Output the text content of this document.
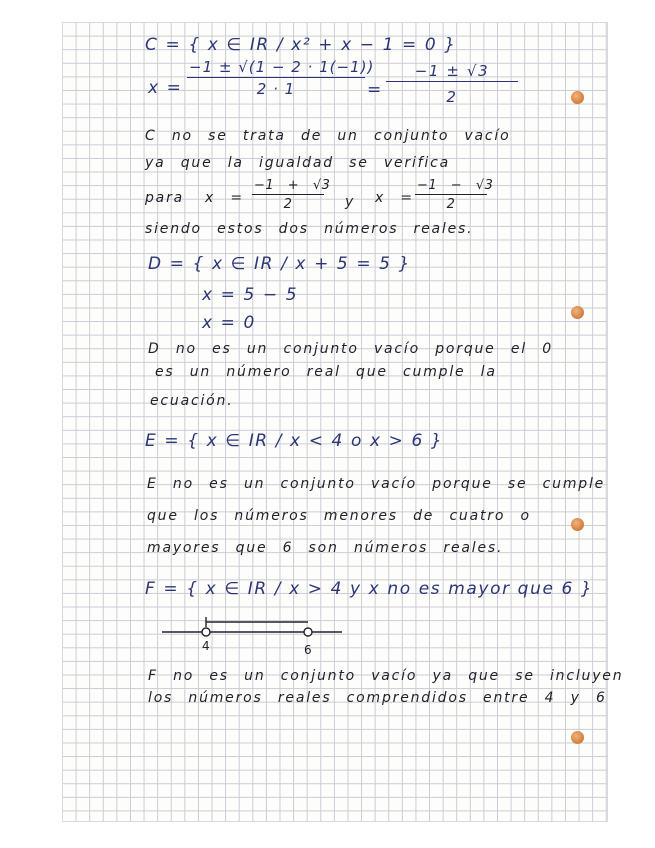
C = { x ∈ IR / x² + x − 1 = 0 }
$x = \frac{-1 \pm √(1 - 2 \cdot 1(-1))}{2 \cdot 1} = \frac{-1 \pm √3}{2}$
C no se trata de un conjunto vacío
ya que la igualdad se verifica
para $x = \frac{-1 + √3}{2}$ y $x = \frac{-1 - √3}{2}$
siendo estos dos números reales.
D = { x ∈ IR / x + 5 = 5 }
x = 5 − 5
x = 0
D no es un conjunto vacío porque el 0
es un número real que cumple la
ecuación.
E = { x ∈ IR / x < 4 o x > 6 }
E no es un conjunto vacío porque se cumple
que los números menores de cuatro o
mayores que 6 son números reales.
F = { x ∈ IR / x > 4 y x no es mayor que 6 }
4	6
F no es un conjunto vacío ya que se incluyen
los números reales comprendidos entre 4 y 6
